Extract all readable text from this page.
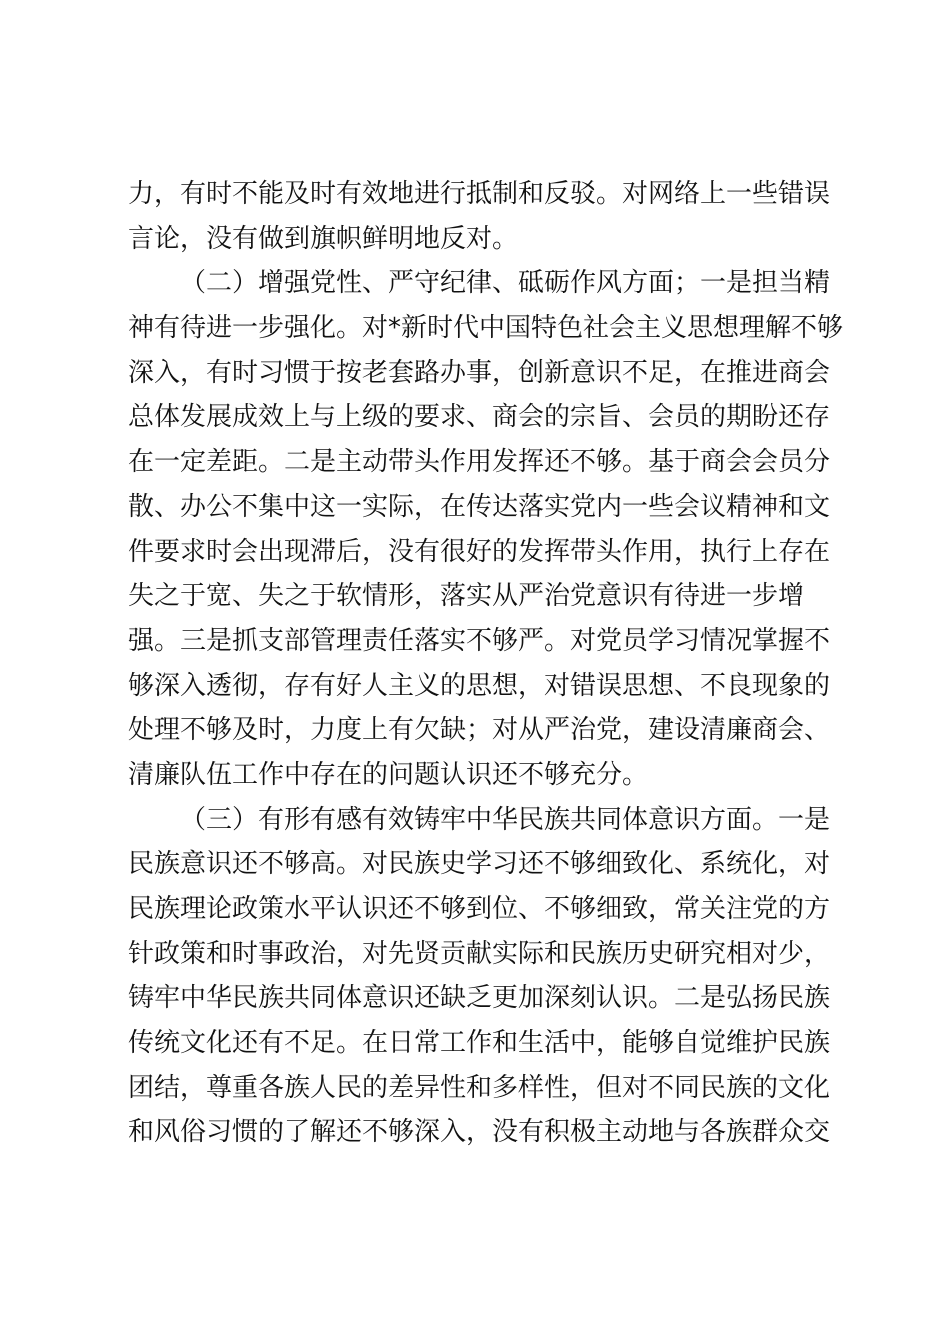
力，有时不能及时有效地进行抵制和反驳。对网络上一些错误
言论，没有做到旗帜鲜明地反对。
（二）增强党性、严守纪律、砥砺作风方面；一是担当精
神有待进一步强化。对*新时代中国特色社会主义思想理解不够
深入，有时习惯于按老套路办事，创新意识不足，在推进商会
总体发展成效上与上级的要求、商会的宗旨、会员的期盼还存
在一定差距。二是主动带头作用发挥还不够。基于商会会员分
散、办公不集中这一实际，在传达落实党内一些会议精神和文
件要求时会出现滞后，没有很好的发挥带头作用，执行上存在
失之于宽、失之于软情形，落实从严治党意识有待进一步增
强。三是抓支部管理责任落实不够严。对党员学习情况掌握不
够深入透彻，存有好人主义的思想，对错误思想、不良现象的
处理不够及时，力度上有欠缺；对从严治党，建设清廉商会、
清廉队伍工作中存在的问题认识还不够充分。
（三）有形有感有效铸牢中华民族共同体意识方面。一是
民族意识还不够高。对民族史学习还不够细致化、系统化，对
民族理论政策水平认识还不够到位、不够细致，常关注党的方
针政策和时事政治，对先贤贡献实际和民族历史研究相对少，
铸牢中华民族共同体意识还缺乏更加深刻认识。二是弘扬民族
传统文化还有不足。在日常工作和生活中，能够自觉维护民族
团结，尊重各族人民的差异性和多样性，但对不同民族的文化
和风俗习惯的了解还不够深入，没有积极主动地与各族群众交
